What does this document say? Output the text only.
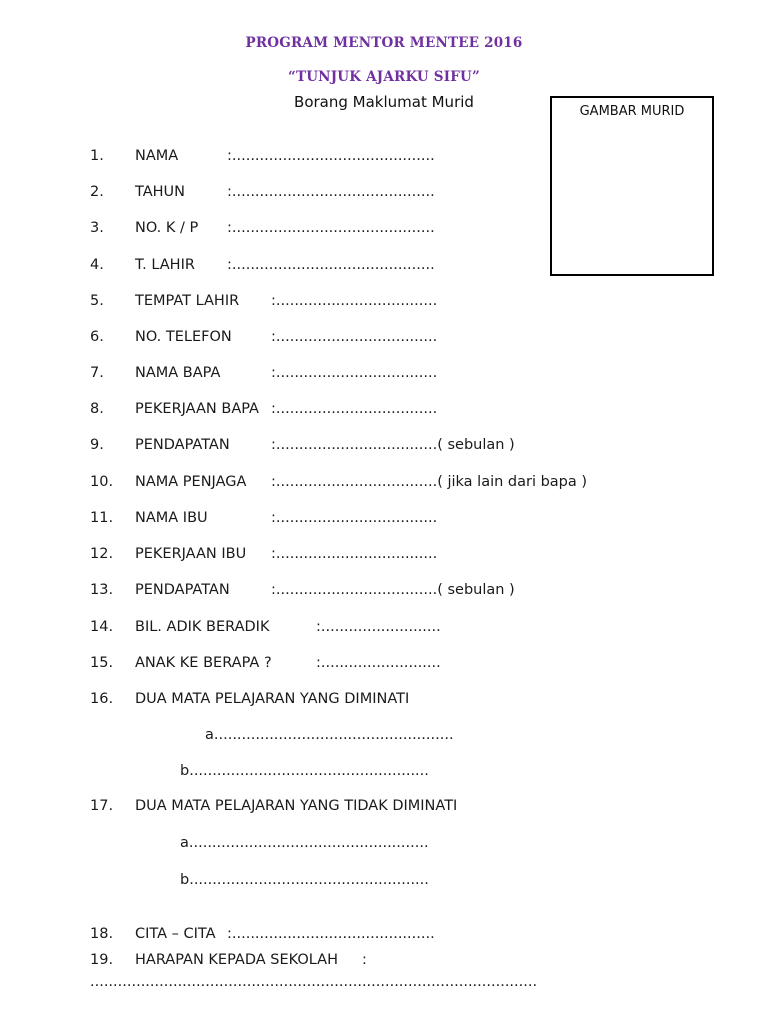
PROGRAM MENTOR MENTEE 2016
“TUNJUK AJARKU SIFU”
Borang Maklumat Murid
GAMBAR MURID
1. NAMA	:............................................
2. TAHUN	:............................................
3. NO. K / P :............................................
4. T. LAHIR :............................................
5. TEMPAT LAHIR :...................................
6. NO. TELEFON	:...................................
7. NAMA BAPA	:...................................
8. PEKERJAAN BAPA :...................................
9. PENDAPATAN	:...................................( sebulan )
10. NAMA PENJAGA :...................................( jika lain dari bapa )
11. NAMA IBU	:...................................
12. PEKERJAAN IBU :...................................
13. PENDAPATAN	:...................................( sebulan )
14. BIL. ADIK BERADIK	:..........................
15. ANAK KE BERAPA ?	:..........................
16. DUA MATA PELAJARAN YANG DIMINATI
a....................................................
b....................................................
17. DUA MATA PELAJARAN YANG TIDAK DIMINATI
a....................................................
b....................................................
18. CITA – CITA :............................................
19. HARAPAN KEPADA SEKOLAH :
.................................................................................................
